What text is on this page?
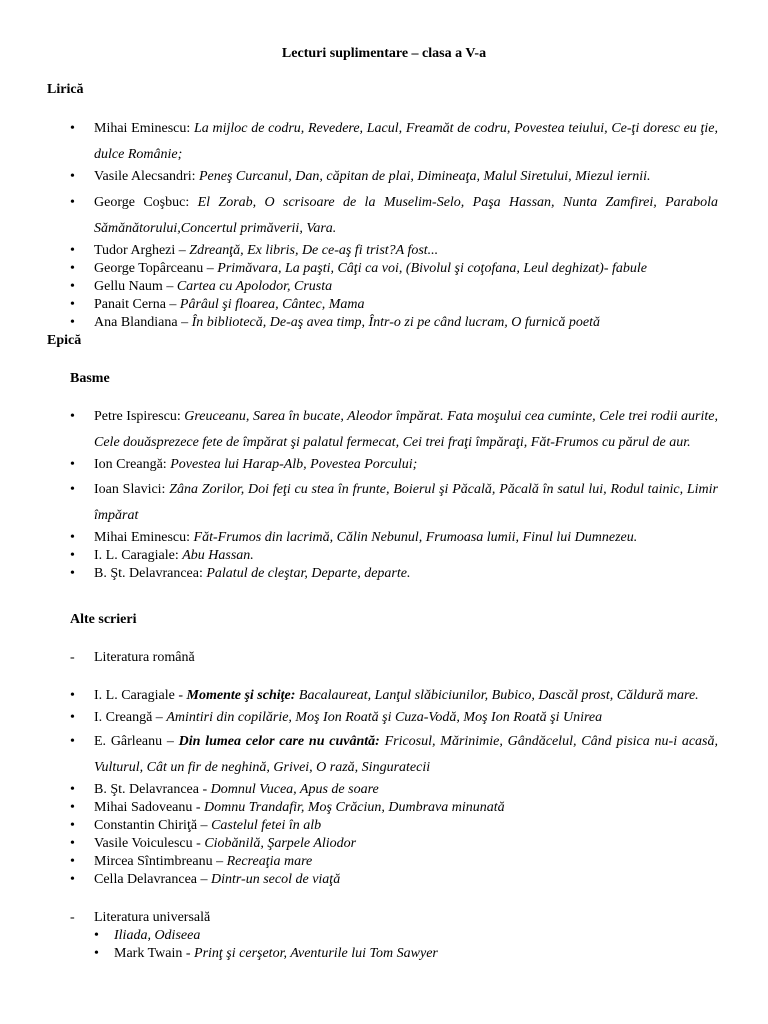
Lecturi suplimentare – clasa a V-a
Lirică
• Mihai Eminescu: La mijloc de codru, Revedere, Lacul, Freamăt de codru, Povestea teiului, Ce-ţi doresc eu ţie, dulce Românie;
• Vasile Alecsandri: Peneş Curcanul, Dan, căpitan de plai, Dimineaţa, Malul Siretului, Miezul iernii.
• George Coşbuc: El Zorab, O scrisoare de la Muselim-Selo, Paşa Hassan, Nunta Zamfirei, Parabola Sămănătorului,Concertul primăverii, Vara.
• Tudor Arghezi – Zdreanţă, Ex libris, De ce-aş fi trist?A fost...
• George Topârceanu – Primăvara, La paşti, Câţi ca voi, (Bivolul şi coţofana, Leul deghizat)- fabule
• Gellu Naum – Cartea cu Apolodor, Crusta
• Panait Cerna – Pârâul şi floarea, Cântec, Mama
• Ana Blandiana – În bibliotecă, De-aş avea timp, Într-o zi pe când lucram, O furnică poetă
Epică
Basme
• Petre Ispirescu: Greuceanu, Sarea în bucate, Aleodor împărat. Fata moşului cea cuminte, Cele trei rodii aurite, Cele douăsprezece fete de împărat şi palatul fermecat, Cei trei fraţi împăraţi, Făt-Frumos cu părul de aur.
• Ion Creangă: Povestea lui Harap-Alb, Povestea Porcului;
• Ioan Slavici: Zâna Zorilor, Doi feţi cu stea în frunte, Boierul şi Păcală, Păcală în satul lui, Rodul tainic, Limir împărat
• Mihai Eminescu: Făt-Frumos din lacrimă, Călin Nebunul, Frumoasa lumii, Finul lui Dumnezeu.
• I. L. Caragiale: Abu Hassan.
• B. Şt. Delavrancea: Palatul de cleştar, Departe, departe.
Alte scrieri
- Literatura română
• I. L. Caragiale - Momente şi schiţe: Bacalaureat, Lanţul slăbiciunilor, Bubico, Dascăl prost, Căldură mare.
• I. Creangă – Amintiri din copilărie, Moş Ion Roată şi Cuza-Vodă, Moş Ion Roată şi Unirea
• E. Gârleanu – Din lumea celor care nu cuvântă: Fricosul, Mărinimie, Gândăcelul, Când pisica nu-i acasă, Vulturul, Cât un fir de neghină, Grivei, O rază, Singuratecii
• B. Şt. Delavrancea - Domnul Vucea, Apus de soare
• Mihai Sadoveanu - Domnu Trandafir, Moş Crăciun, Dumbrava minunată
• Constantin Chiriţă – Castelul fetei în alb
• Vasile Voiculescu - Ciobănilă, Şarpele Aliodor
• Mircea Sîntimbreanu – Recreaţia mare
• Cella Delavrancea – Dintr-un secol de viaţă
- Literatura universală
• Iliada, Odiseea
• Mark Twain - Prinţ şi cerşetor, Aventurile lui Tom Sawyer
